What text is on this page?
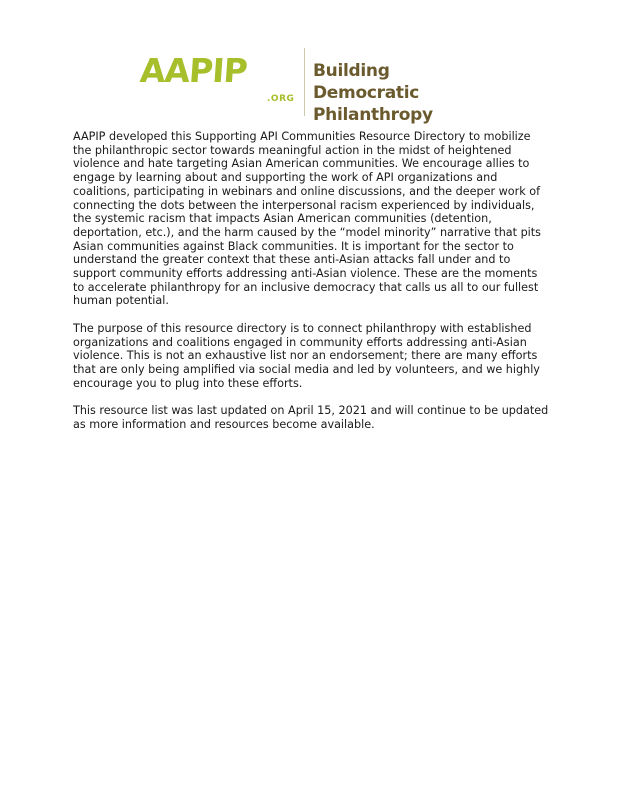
AAPIP
.ORG
Building Democratic
Philanthropy

AAPIP developed this Supporting API Communities Resource Directory to mobilize the philanthropic sector towards meaningful action in the midst of heightened violence and hate targeting Asian American communities. We encourage allies to engage by learning about and supporting the work of API organizations and coalitions, participating in webinars and online discussions, and the deeper work of connecting the dots between the interpersonal racism experienced by individuals, the systemic racism that impacts Asian American communities (detention, deportation, etc.), and the harm caused by the “model minority” narrative that pits Asian communities against Black communities. It is important for the sector to understand the greater context that these anti-Asian attacks fall under and to support community efforts addressing anti-Asian violence. These are the moments to accelerate philanthropy for an inclusive democracy that calls us all to our fullest human potential.

The purpose of this resource directory is to connect philanthropy with established organizations and coalitions engaged in community efforts addressing anti-Asian violence. This is not an exhaustive list nor an endorsement; there are many efforts that are only being amplified via social media and led by volunteers, and we highly encourage you to plug into these efforts.

This resource list was last updated on April 15, 2021 and will continue to be updated as more information and resources become available.
